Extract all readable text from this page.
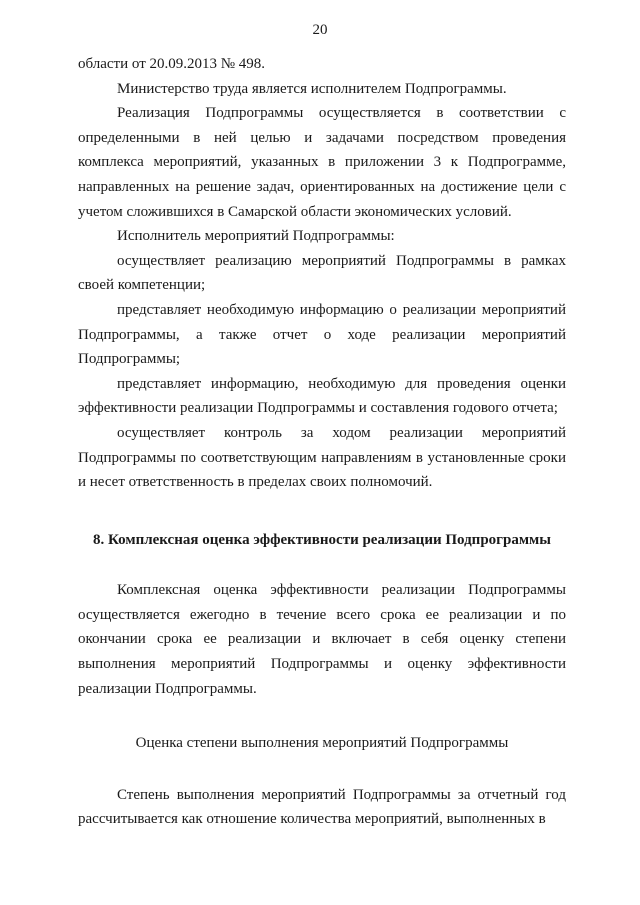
20

области от 20.09.2013 № 498.

Министерство труда является исполнителем Подпрограммы.

Реализация Подпрограммы осуществляется в соответствии с определенными в ней целью и задачами посредством проведения комплекса мероприятий, указанных в приложении 3 к Подпрограмме, направленных на решение задач, ориентированных на достижение цели с учетом сложившихся в Самарской области экономических условий.

Исполнитель мероприятий Подпрограммы:

осуществляет реализацию мероприятий Подпрограммы в рамках своей компетенции;

представляет необходимую информацию о реализации мероприятий Подпрограммы, а также отчет о ходе реализации мероприятий Подпрограммы;

представляет информацию, необходимую для проведения оценки эффективности реализации Подпрограммы и составления годового отчета;

осуществляет контроль за ходом реализации мероприятий Подпрограммы по соответствующим направлениям в установленные сроки и несет ответственность в пределах своих полномочий.

8. Комплексная оценка эффективности реализации Подпрограммы

Комплексная оценка эффективности реализации Подпрограммы осуществляется ежегодно в течение всего срока ее реализации и по окончании срока ее реализации и включает в себя оценку степени выполнения мероприятий Подпрограммы и оценку эффективности реализации Подпрограммы.

Оценка степени выполнения мероприятий Подпрограммы

Степень выполнения мероприятий Подпрограммы за отчетный год рассчитывается как отношение количества мероприятий, выполненных в
